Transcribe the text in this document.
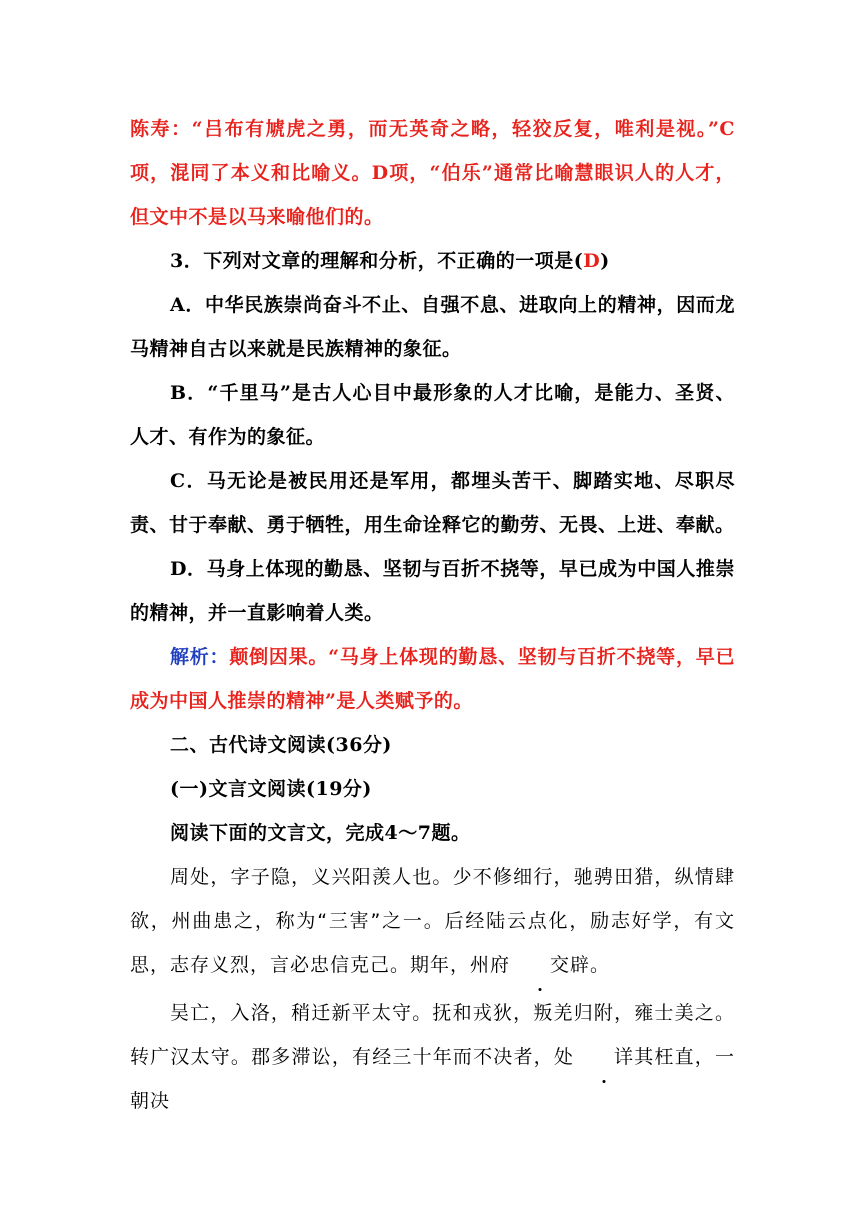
陈寿：“吕布有虓虎之勇，而无英奇之略，轻狡反复，唯利是视。”C项，混同了本义和比喻义。D项，“伯乐”通常比喻慧眼识人的人才，但文中不是以马来喻他们的。

3．下列对文章的理解和分析，不正确的一项是(D)

A．中华民族崇尚奋斗不止、自强不息、进取向上的精神，因而龙马精神自古以来就是民族精神的象征。

B．“千里马”是古人心目中最形象的人才比喻，是能力、圣贤、人才、有作为的象征。

C．马无论是被民用还是军用，都埋头苦干、脚踏实地、尽职尽责、甘于奉献、勇于牺牲，用生命诠释它的勤劳、无畏、上进、奉献。

D．马身上体现的勤恳、坚韧与百折不挠等，早已成为中国人推崇的精神，并一直影响着人类。

解析：颠倒因果。“马身上体现的勤恳、坚韧与百折不挠等，早已成为中国人推崇的精神”是人类赋予的。

二、古代诗文阅读(36分)

(一)文言文阅读(19分)

阅读下面的文言文，完成4～7题。

周处，字子隐，义兴阳羡人也。少不修细行，驰骋田猎，纵情肆欲，州曲患之，称为“三害”之一。后经陆云点化，励志好学，有文思，志存义烈，言必忠信克己。期年，州府 交辟。

吴亡，入洛，稍迁新平太守。抚和戎狄，叛羌归附，雍士美之。转广汉太守。郡多滞讼，有经三十年而不决者，处 详其枉直，一朝决
